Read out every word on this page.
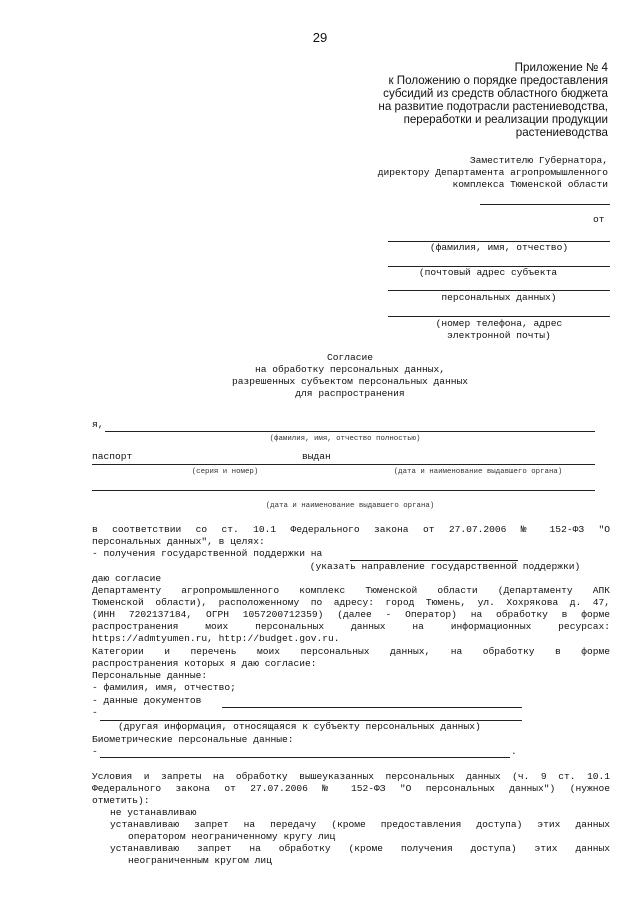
29
Приложение № 4
к Положению о порядке предоставления
субсидий из средств областного бюджета
на развитие подотрасли растениеводства,
переработки и реализации продукции
растениеводства
Заместителю Губернатора,
директору Департамента агропромышленного
комплекса Тюменской области
от
(фамилия, имя, отчество)
(почтовый адрес субъекта
персональных данных)
(номер телефона, адрес
электронной почты)
Согласие
на обработку персональных данных,
разрешенных субъектом персональных данных
для распространения
я,
(фамилия, имя, отчество полностью)
паспорт	выдан
(серия и номер)	(дата и наименование выдавшего органа)
(дата и наименование выдавшего органа)
в соответствии со ст. 10.1 Федерального закона от 27.07.2006 № 152-ФЗ "О
персональных данных", в целях:
- получения государственной поддержки на
(указать направление государственной поддержки)
даю согласие
Департаменту агропромышленного комплекс Тюменской области (Департаменту АПК
Тюменской области), расположенному по адресу: город Тюмень, ул. Хохрякова д. 47,
(ИНН 7202137184, ОГРН 1057200712359) (далее - Оператор) на обработку в форме
распространения моих персональных данных на информационных ресурсах:
https://admtyumen.ru, http://budget.gov.ru.
Категории и перечень моих персональных данных, на обработку в форме
распространения которых я даю согласие:
Персональные данные:
- фамилия, имя, отчество;
- данные документов
-
(другая информация, относящаяся к субъекту персональных данных)
Биометрические персональные данные:
-	.
Условия и запреты на обработку вышеуказанных персональных данных (ч. 9 ст. 10.1
Федерального закона от 27.07.2006 № 152-ФЗ "О персональных данных") (нужное
отметить):
не устанавливаю
устанавливаю запрет на передачу (кроме предоставления доступа) этих данных
оператором неограниченному кругу лиц
устанавливаю запрет на обработку (кроме получения доступа) этих данных
неограниченным кругом лиц
